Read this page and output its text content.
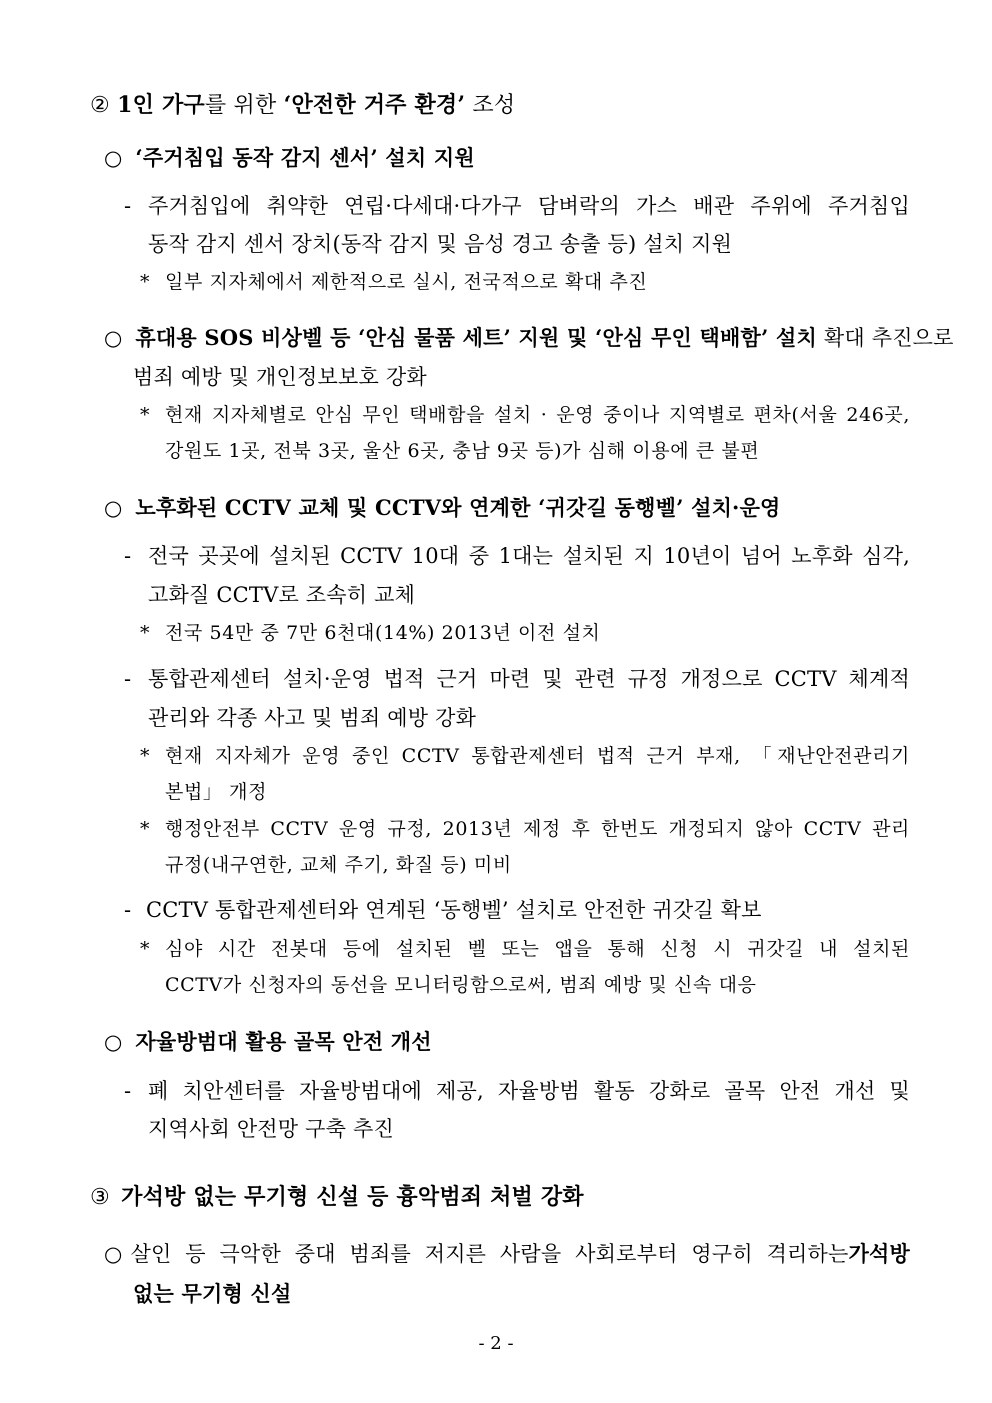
② 1인 가구를 위한 ‘안전한 거주 환경’ 조성
○ ‘주거침입 동작 감지 센서’ 설치 지원
- 주거침입에 취약한 연립·다세대·다가구 담벼락의 가스 배관 주위에 주거침입
동작 감지 센서 장치(동작 감지 및 음성 경고 송출 등) 설치 지원
* 일부 지자체에서 제한적으로 실시, 전국적으로 확대 추진
○ 휴대용 SOS 비상벨 등 ‘안심 물품 세트’ 지원 및 ‘안심 무인 택배함’ 설치 확대 추진으로
범죄 예방 및 개인정보보호 강화
* 현재 지자체별로 안심 무인 택배함을 설치 · 운영 중이나 지역별로 편차(서울 246곳,
강원도 1곳, 전북 3곳, 울산 6곳, 충남 9곳 등)가 심해 이용에 큰 불편
○ 노후화된 CCTV 교체 및 CCTV와 연계한 ‘귀갓길 동행벨’ 설치·운영
- 전국 곳곳에 설치된 CCTV 10대 중 1대는 설치된 지 10년이 넘어 노후화 심각,
고화질 CCTV로 조속히 교체
* 전국 54만 중 7만 6천대(14%) 2013년 이전 설치
- 통합관제센터 설치·운영 법적 근거 마련 및 관련 규정 개정으로 CCTV 체계적
관리와 각종 사고 및 범죄 예방 강화
* 현재 지자체가 운영 중인 CCTV 통합관제센터 법적 근거 부재, 「재난안전관리기
본법」 개정
* 행정안전부 CCTV 운영 규정, 2013년 제정 후 한번도 개정되지 않아 CCTV 관리
규정(내구연한, 교체 주기, 화질 등) 미비
- CCTV 통합관제센터와 연계된 ‘동행벨’ 설치로 안전한 귀갓길 확보
* 심야 시간 전봇대 등에 설치된 벨 또는 앱을 통해 신청 시 귀갓길 내 설치된
CCTV가 신청자의 동선을 모니터링함으로써, 범죄 예방 및 신속 대응
○ 자율방범대 활용 골목 안전 개선
- 폐 치안센터를 자율방범대에 제공, 자율방범 활동 강화로 골목 안전 개선 및
지역사회 안전망 구축 추진
③ 가석방 없는 무기형 신설 등 흉악범죄 처벌 강화
○ 살인 등 극악한 중대 범죄를 저지른 사람을 사회로부터 영구히 격리하는 가석방
없는 무기형 신설
- 2 -
